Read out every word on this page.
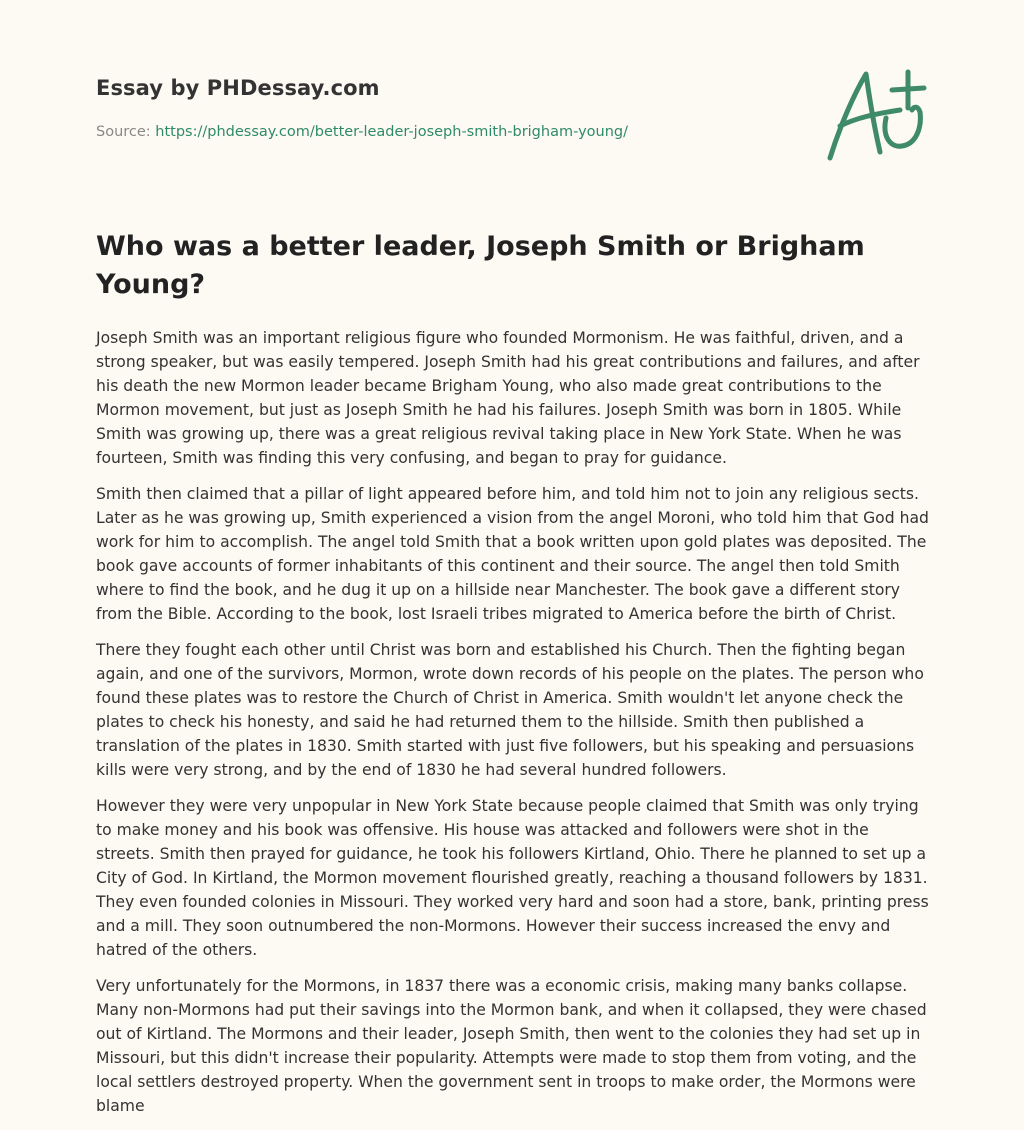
Essay by PHDessay.com
Source: https://phdessay.com/better-leader-joseph-smith-brigham-young/
Who was a better leader, Joseph Smith or Brigham Young?

Joseph Smith was an important religious figure who founded Mormonism. He was faithful, driven, and a strong speaker, but was easily tempered. Joseph Smith had his great contributions and failures, and after his death the new Mormon leader became Brigham Young, who also made great contributions to the Mormon movement, but just as Joseph Smith he had his failures. Joseph Smith was born in 1805. While Smith was growing up, there was a great religious revival taking place in New York State. When he was fourteen, Smith was finding this very confusing, and began to pray for guidance.

Smith then claimed that a pillar of light appeared before him, and told him not to join any religious sects. Later as he was growing up, Smith experienced a vision from the angel Moroni, who told him that God had work for him to accomplish. The angel told Smith that a book written upon gold plates was deposited. The book gave accounts of former inhabitants of this continent and their source. The angel then told Smith where to find the book, and he dug it up on a hillside near Manchester. The book gave a different story from the Bible. According to the book, lost Israeli tribes migrated to America before the birth of Christ.

There they fought each other until Christ was born and established his Church. Then the fighting began again, and one of the survivors, Mormon, wrote down records of his people on the plates. The person who found these plates was to restore the Church of Christ in America. Smith wouldn't let anyone check the plates to check his honesty, and said he had returned them to the hillside. Smith then published a translation of the plates in 1830. Smith started with just five followers, but his speaking and persuasions kills were very strong, and by the end of 1830 he had several hundred followers.

However they were very unpopular in New York State because people claimed that Smith was only trying to make money and his book was offensive. His house was attacked and followers were shot in the streets. Smith then prayed for guidance, he took his followers Kirtland, Ohio. There he planned to set up a City of God. In Kirtland, the Mormon movement flourished greatly, reaching a thousand followers by 1831. They even founded colonies in Missouri. They worked very hard and soon had a store, bank, printing press and a mill. They soon outnumbered the non-Mormons. However their success increased the envy and hatred of the others.

Very unfortunately for the Mormons, in 1837 there was a economic crisis, making many banks collapse. Many non-Mormons had put their savings into the Mormon bank, and when it collapsed, they were chased out of Kirtland. The Mormons and their leader, Joseph Smith, then went to the colonies they had set up in Missouri, but this didn't increase their popularity. Attempts were made to stop them from voting, and the local settlers destroyed property. When the government sent in troops to make order, the Mormons were blame
